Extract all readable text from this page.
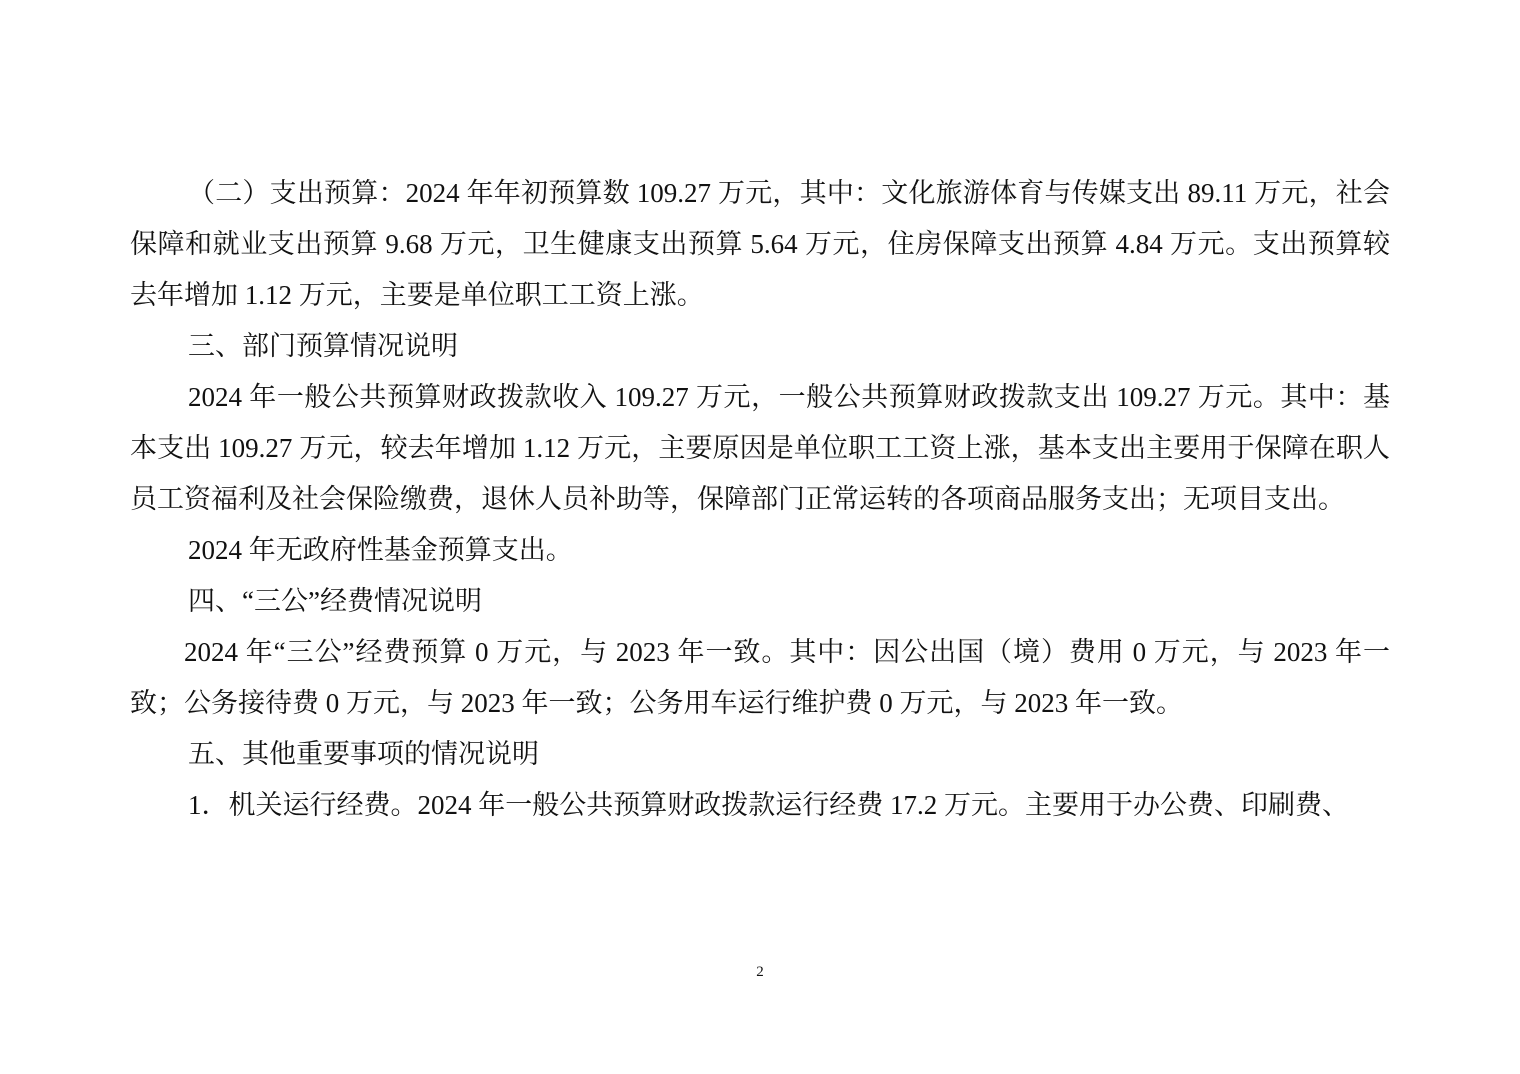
（二）支出预算：2024 年年初预算数 109.27 万元，其中：文化旅游体育与传媒支出 89.11 万元，社会保障和就业支出预算 9.68 万元，卫生健康支出预算 5.64 万元，住房保障支出预算 4.84 万元。支出预算较去年增加 1.12 万元，主要是单位职工工资上涨。

三、部门预算情况说明

2024 年一般公共预算财政拨款收入 109.27 万元，一般公共预算财政拨款支出 109.27 万元。其中：基本支出 109.27 万元，较去年增加 1.12 万元，主要原因是单位职工工资上涨，基本支出主要用于保障在职人员工资福利及社会保险缴费，退休人员补助等，保障部门正常运转的各项商品服务支出；无项目支出。

2024 年无政府性基金预算支出。

四、“三公”经费情况说明

2024 年“三公”经费预算 0 万元，与 2023 年一致。其中：因公出国（境）费用 0 万元，与 2023 年一致；公务接待费 0 万元，与 2023 年一致；公务用车运行维护费 0 万元，与 2023 年一致。

五、其他重要事项的情况说明

1．机关运行经费。2024 年一般公共预算财政拨款运行经费 17.2 万元。主要用于办公费、印刷费、

2
